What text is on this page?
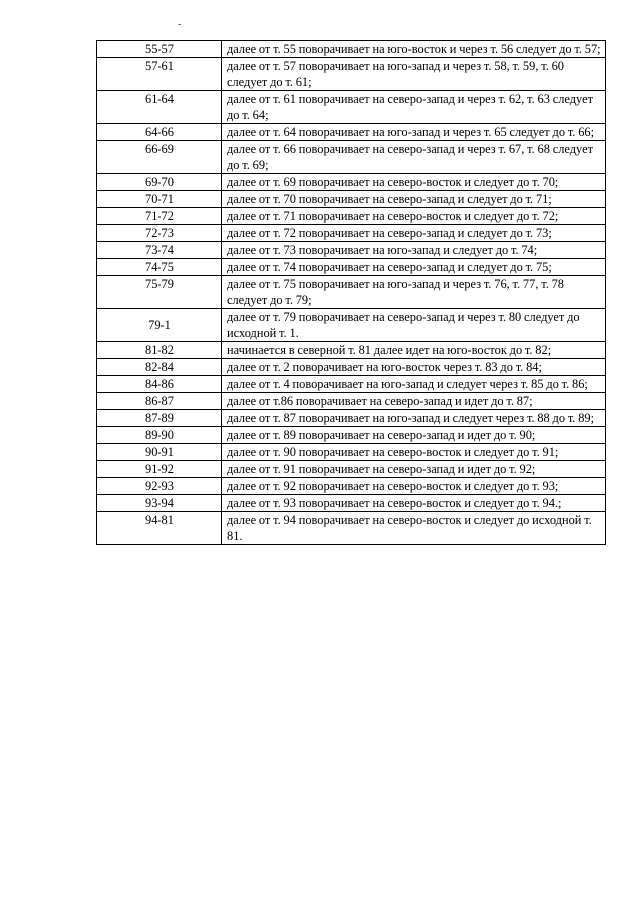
-
55-57	далее от т. 55 поворачивает на юго-восток и через т. 56 следует до т. 57;
57-61	далее от т. 57 поворачивает на юго-запад и через т. 58, т. 59, т. 60 следует до т. 61;
61-64	далее от т. 61 поворачивает на северо-запад и через т. 62, т. 63 следует до т. 64;
64-66	далее от т. 64 поворачивает на юго-запад и через т. 65 следует до т. 66;
66-69	далее от т. 66 поворачивает на северо-запад и через т. 67, т. 68 следует до т. 69;
69-70	далее от т. 69 поворачивает на северо-восток и следует до т. 70;
70-71	далее от т. 70 поворачивает на северо-запад и следует до т. 71;
71-72	далее от т. 71 поворачивает на северо-восток и следует до т. 72;
72-73	далее от т. 72 поворачивает на северо-запад и следует до т. 73;
73-74	далее от т. 73 поворачивает на юго-запад и следует до т. 74;
74-75	далее от т. 74 поворачивает на северо-запад и следует до т. 75;
75-79	далее от т. 75 поворачивает на юго-запад и через т. 76, т. 77, т. 78 следует до т. 79;
79-1	далее от т. 79 поворачивает на северо-запад и через т. 80 следует до исходной т. 1.
81-82	начинается в северной т. 81 далее идет на юго-восток до т. 82;
82-84	далее от т. 2 поворачивает на юго-восток через т. 83 до т. 84;
84-86	далее от т. 4 поворачивает на юго-запад и следует через т. 85 до т. 86;
86-87	далее от т.86 поворачивает на северо-запад и идет до т. 87;
87-89	далее от т. 87 поворачивает на юго-запад и следует через т. 88 до т. 89;
89-90	далее от т. 89 поворачивает на северо-запад и идет до т. 90;
90-91	далее от т. 90 поворачивает на северо-восток и следует до т. 91;
91-92	далее от т. 91 поворачивает на северо-запад и идет до т. 92;
92-93	далее от т. 92 поворачивает на северо-восток и следует до т. 93;
93-94	далее от т. 93 поворачивает на северо-восток и следует до т. 94.;
94-81	далее от т. 94 поворачивает на северо-восток и следует до исходной т. 81.
